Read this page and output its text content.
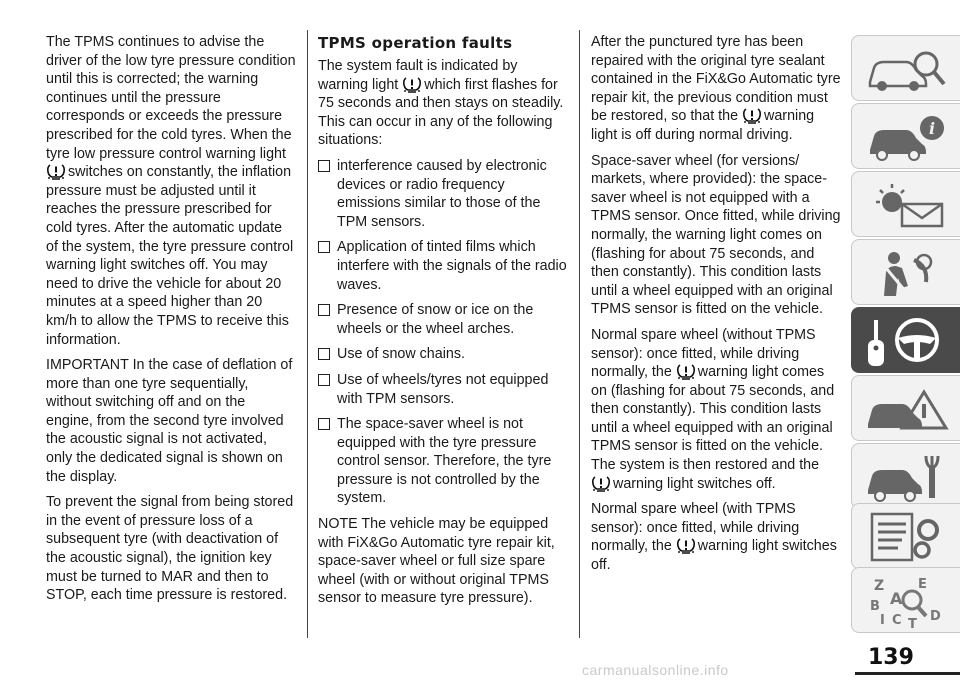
The TPMS continues to advise the driver of the low tyre pressure condition until this is corrected; the warning continues until the pressure corresponds or exceeds the pressure prescribed for the cold tyres. When the tyre low pressure control warning light
switches on constantly, the inflation pressure must be adjusted until it reaches the pressure prescribed for cold tyres. After the automatic update of the system, the tyre pressure control warning light switches off. You may need to drive the vehicle for about 20 minutes at a speed higher than 20 km/h to allow the TPMS to receive this information.

IMPORTANT In the case of deflation of more than one tyre sequentially, without switching off and on the engine, from the second tyre involved the acoustic signal is not activated, only the dedicated signal is shown on the display.

To prevent the signal from being stored in the event of pressure loss of a subsequent tyre (with deactivation of the acoustic signal), the ignition key must be turned to MAR and then to STOP, each time pressure is restored.

TPMS operation faults

The system fault is indicated by warning light which first flashes for 75 seconds and then stays on steadily. This can occur in any of the following situations:

interference caused by electronic devices or radio frequency emissions similar to those of the TPM sensors.
Application of tinted films which interfere with the signals of the radio waves.
Presence of snow or ice on the wheels or the wheel arches.
Use of snow chains.
Use of wheels/tyres not equipped with TPM sensors.
The space-saver wheel is not equipped with the tyre pressure control sensor. Therefore, the tyre pressure is not controlled by the system.

NOTE The vehicle may be equipped with FiX&Go Automatic tyre repair kit, space-saver wheel or full size spare wheel (with or without original TPMS sensor to measure tyre pressure).

After the punctured tyre has been repaired with the original tyre sealant contained in the FiX&Go Automatic tyre repair kit, the previous condition must be restored, so that the warning light is off during normal driving.

Space-saver wheel (for versions/ markets, where provided): the space-saver wheel is not equipped with a TPMS sensor. Once fitted, while driving normally, the warning light comes on (flashing for about 75 seconds, and then constantly). This condition lasts until a wheel equipped with an original TPMS sensor is fitted on the vehicle.

Normal spare wheel (without TPMS sensor): once fitted, while driving normally, the warning light comes on (flashing for about 75 seconds, and then constantly). This condition lasts until a wheel equipped with an original TPMS sensor is fitted on the vehicle. The system is then restored and the
warning light switches off.

Normal spare wheel (with TPMS sensor): once fitted, while driving normally, the warning light switches off.

i
Z	E
B A
I C T
D
139
carmanualsonline.info
